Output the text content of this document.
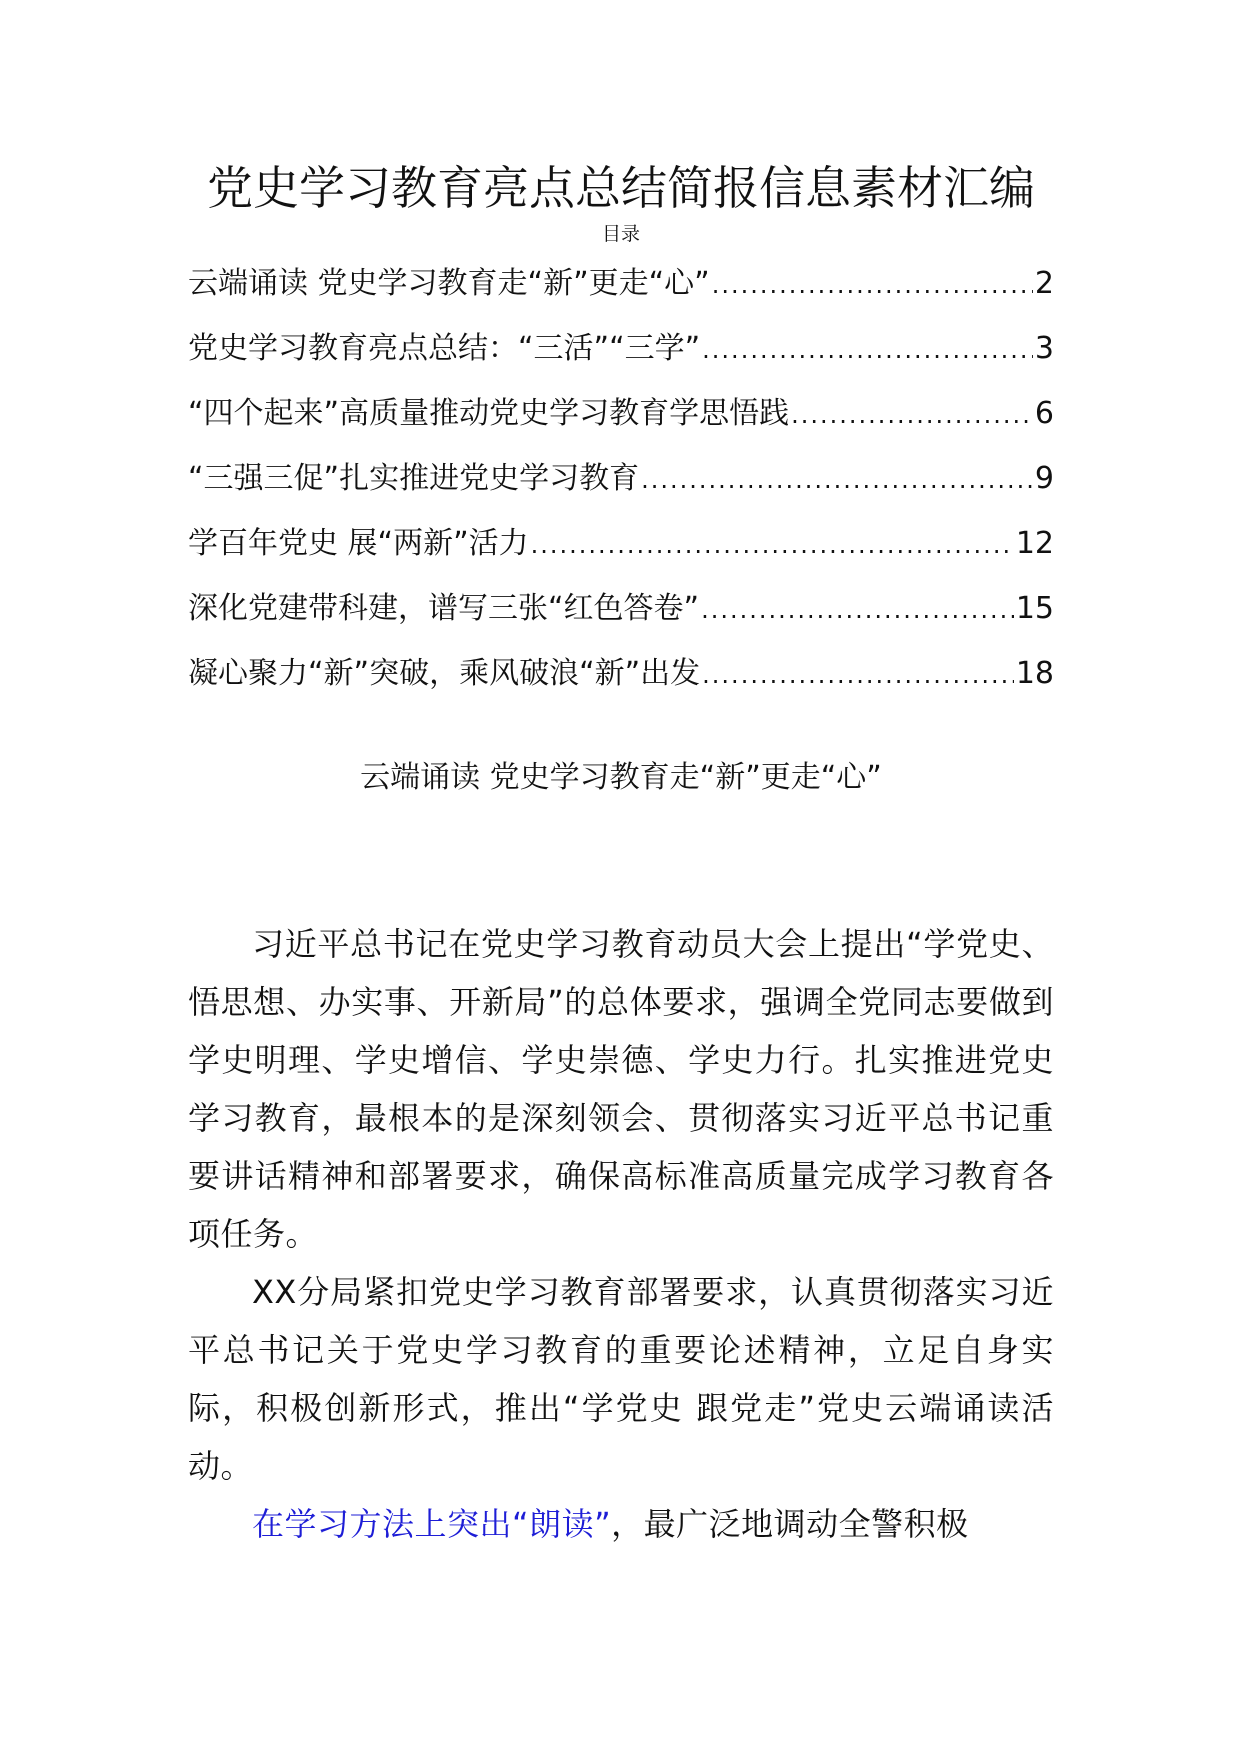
党史学习教育亮点总结简报信息素材汇编
目录
云端诵读 党史学习教育走“新”更走“心” .....	2
党史学习教育亮点总结：“三活”“三学” .....	3
“四个起来”高质量推动党史学习教育学思悟践 .....	6
“三强三促”扎实推进党史学习教育 .....	9
学百年党史 展“两新”活力 .....	12
深化党建带科建，谱写三张“红色答卷” .....	15
凝心聚力“新”突破，乘风破浪“新”出发 .....	18
云端诵读 党史学习教育走“新”更走“心”

习近平总书记在党史学习教育动员大会上提出“学党史、悟思想、办实事、开新局”的总体要求，强调全党同志要做到学史明理、学史增信、学史崇德、学史力行。扎实推进党史学习教育，最根本的是深刻领会、贯彻落实习近平总书记重要讲话精神和部署要求，确保高标准高质量完成学习教育各项任务。

XX分局紧扣党史学习教育部署要求，认真贯彻落实习近平总书记关于党史学习教育的重要论述精神，立足自身实际，积极创新形式，推出“学党史 跟党走”党史云端诵读活动。

在学习方法上突出“朗读”，最广泛地调动全警积极
